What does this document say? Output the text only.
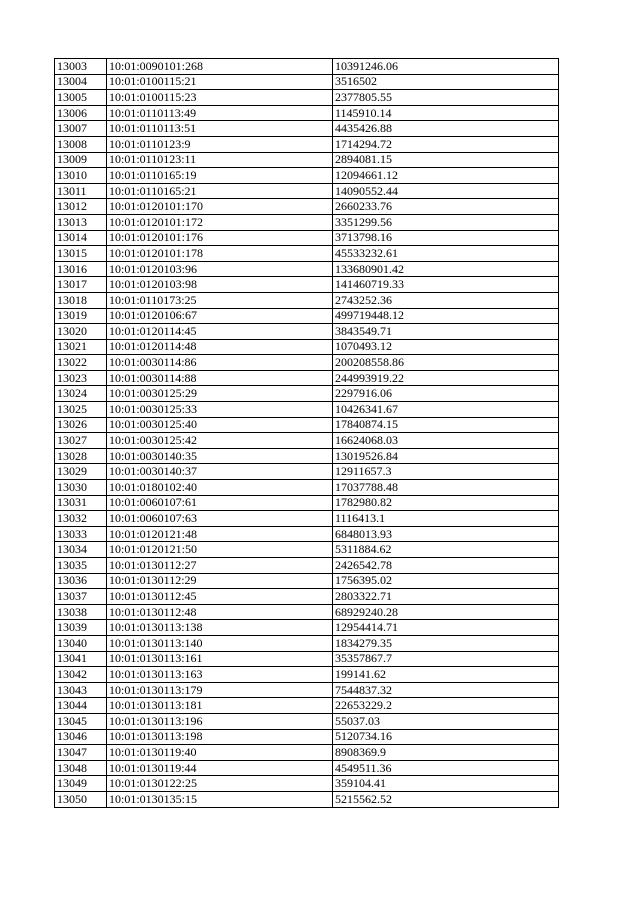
13003	10:01:0090101:268	10391246.06
13004	10:01:0100115:21	3516502
13005	10:01:0100115:23	2377805.55
13006	10:01:0110113:49	1145910.14
13007	10:01:0110113:51	4435426.88
13008	10:01:0110123:9	1714294.72
13009	10:01:0110123:11	2894081.15
13010	10:01:0110165:19	12094661.12
13011	10:01:0110165:21	14090552.44
13012	10:01:0120101:170	2660233.76
13013	10:01:0120101:172	3351299.56
13014	10:01:0120101:176	3713798.16
13015	10:01:0120101:178	45533232.61
13016	10:01:0120103:96	133680901.42
13017	10:01:0120103:98	141460719.33
13018	10:01:0110173:25	2743252.36
13019	10:01:0120106:67	499719448.12
13020	10:01:0120114:45	3843549.71
13021	10:01:0120114:48	1070493.12
13022	10:01:0030114:86	200208558.86
13023	10:01:0030114:88	244993919.22
13024	10:01:0030125:29	2297916.06
13025	10:01:0030125:33	10426341.67
13026	10:01:0030125:40	17840874.15
13027	10:01:0030125:42	16624068.03
13028	10:01:0030140:35	13019526.84
13029	10:01:0030140:37	12911657.3
13030	10:01:0180102:40	17037788.48
13031	10:01:0060107:61	1782980.82
13032	10:01:0060107:63	1116413.1
13033	10:01:0120121:48	6848013.93
13034	10:01:0120121:50	5311884.62
13035	10:01:0130112:27	2426542.78
13036	10:01:0130112:29	1756395.02
13037	10:01:0130112:45	2803322.71
13038	10:01:0130112:48	68929240.28
13039	10:01:0130113:138	12954414.71
13040	10:01:0130113:140	1834279.35
13041	10:01:0130113:161	35357867.7
13042	10:01:0130113:163	199141.62
13043	10:01:0130113:179	7544837.32
13044	10:01:0130113:181	22653229.2
13045	10:01:0130113:196	55037.03
13046	10:01:0130113:198	5120734.16
13047	10:01:0130119:40	8908369.9
13048	10:01:0130119:44	4549511.36
13049	10:01:0130122:25	359104.41
13050	10:01:0130135:15	5215562.52
